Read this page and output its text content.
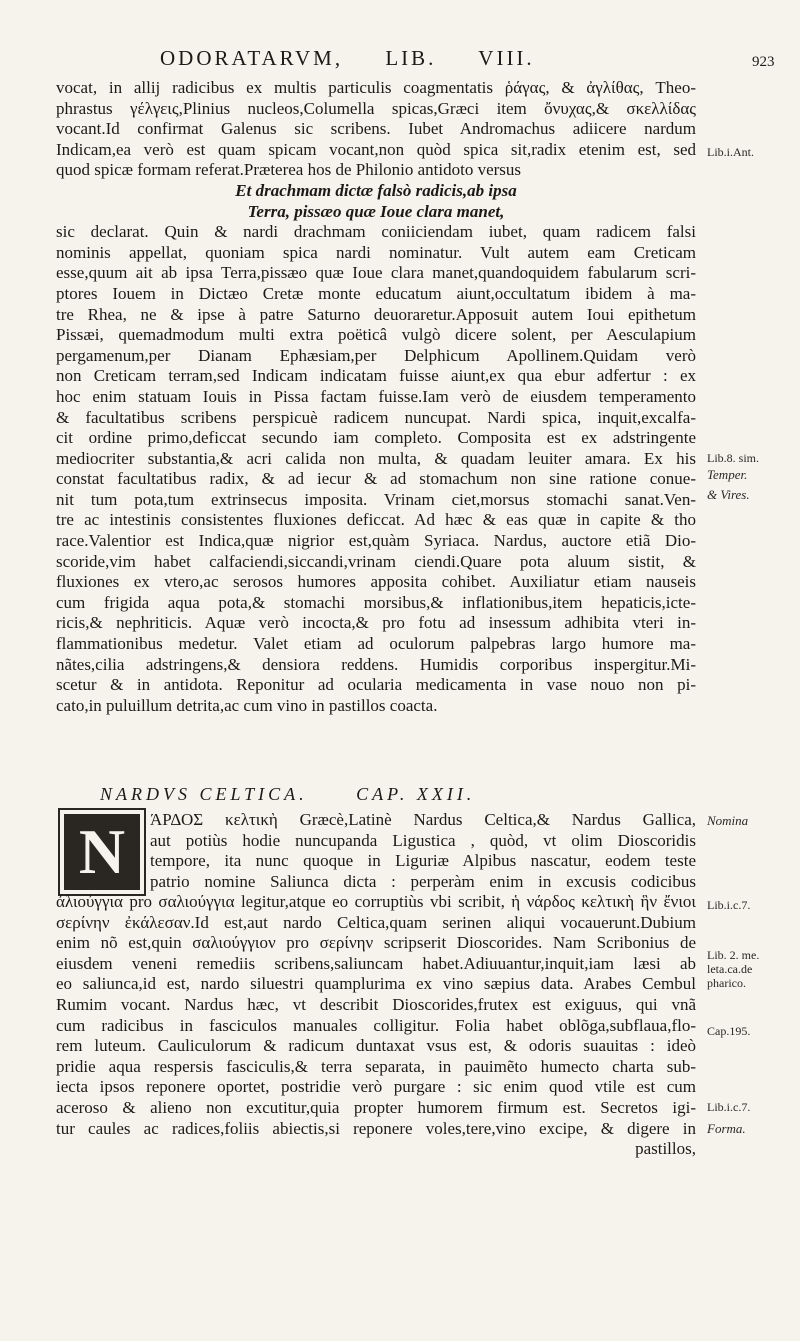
ODORATARVM, LIB. VIII.	923
vocat, in allij radicibus ex multis particulis coagmentatis ῥάγας, & ἀγλίθας, Theo-
phrastus γέλγεις,Plinius nucleos,Columella spicas,Græci item ὄνυχας,& σκελλίδας
vocant.Id confirmat Galenus sic scribens. Iubet Andromachus adiicere nardum
Indicam,ea verò est quam spicam vocant,non quòd spica sit,radix etenim est, sed
quod spicæ formam referat.Præterea hos de Philonio antidoto versus
Et drachmam dictæ falsò radicis,ab ipsa
Terra, pissæo quæ Ioue clara manet,
sic declarat. Quin & nardi drachmam coniiciendam iubet, quam radicem falsi
nominis appellat, quoniam spica nardi nominatur. Vult autem eam Creticam
esse,quum ait ab ipsa Terra,pissæo quæ Ioue clara manet,quandoquidem fabularum scri-
ptores Iouem in Dictæo Cretæ monte educatum aiunt,occultatum ibidem à ma-
tre Rhea, ne & ipse à patre Saturno deuoraretur.Apposuit autem Ioui epithetum
Pissæi, quemadmodum multi extra poëticâ vulgò dicere solent, per Aesculapium
pergamenum,per Dianam Ephæsiam,per Delphicum Apollinem.Quidam verò
non Creticam terram,sed Indicam indicatam fuisse aiunt,ex qua ebur adfertur : ex
hoc enim statuam Iouis in Pissa factam fuisse.Iam verò de eiusdem temperamento
& facultatibus scribens perspicuè radicem nuncupat. Nardi spica, inquit,excalfa-
cit ordine primo,deficcat secundo iam completo. Composita est ex adstringente
mediocriter substantia,& acri calida non multa, & quadam leuiter amara. Ex his
constat facultatibus radix, & ad iecur & ad stomachum non sine ratione conue-
nit tum pota,tum extrinsecus imposita. Vrinam ciet,morsus stomachi sanat.Ven-
tre ac intestinis consistentes fluxiones deficcat. Ad hæc & eas quæ in capite & tho
race.Valentior est Indica,quæ nigrior est,quàm Syriaca. Nardus, auctore etiã Dio-
scoride,vim habet calfaciendi,siccandi,vrinam ciendi.Quare pota aluum sistit, &
fluxiones ex vtero,ac serosos humores apposita cohibet. Auxiliatur etiam nauseis
cum frigida aqua pota,& stomachi morsibus,& inflationibus,item hepaticis,icte-
ricis,& nephriticis. Aquæ verò incocta,& pro fotu ad insessum adhibita vteri in-
flammationibus medetur. Valet etiam ad oculorum palpebras largo humore ma-
nãtes,cilia adstringens,& densiora reddens. Humidis corporibus inspergitur.Mi-
scetur & in antidota. Reponitur ad ocularia medicamenta in vase nouo non pi-
cato,in puluillum detrita,ac cum vino in pastillos coacta.
NARDVS CELTICA.	CAP. XXII.
N	ΆΡΔΟΣ κελτικὴ Græcè,Latinè Nardus Celtica,& Nardus Gallica,
aut potiùs hodie nuncupanda Ligustica , quòd, vt olim Dioscoridis
tempore, ita nunc quoque in Liguriæ Alpibus nascatur, eodem teste
patrio nomine Saliunca dicta : perperàm enim in excusis codicibus
ἀλιούγγια pro σαλιούγγια legitur,atque eo corruptiùs vbi scribit, ἡ νάρδος κελτικὴ ἣν ἔνιοι
σερίνην ἐκάλεσαν.Id est,aut nardo Celtica,quam serinen aliqui vocauerunt.Dubium
enim nõ est,quin σαλιούγγιον pro σερίνην scripserit Dioscorides. Nam Scribonius de
eiusdem veneni remediis scribens,saliuncam habet.Adiuuantur,inquit,iam læsi ab
eo saliunca,id est, nardo siluestri quamplurima ex vino sæpius data. Arabes Cembul
Rumim vocant. Nardus hæc, vt describit Dioscorides,frutex est exiguus, qui vnã
cum radicibus in fasciculos manuales colligitur. Folia habet oblõga,subflaua,flo-
rem luteum. Cauliculorum & radicum duntaxat vsus est, & odoris suauitas : ideò
pridie aqua respersis fasciculis,& terra separata, in pauimẽto humecto charta sub-
iecta ipsos reponere oportet, postridie verò purgare : sic enim quod vtile est cum
aceroso & alieno non excutitur,quia propter humorem firmum est. Secretos igi-
tur caules ac radices,foliis abiectis,si reponere voles,tere,vino excipe, & digere in
pastillos,
Lib.i.Ant.
Lib.8. sim.
Temper.
& Vires.
Nomina
Lib.i.c.7.
Lib. 2. me.
leta.ca.de
pharico.
Cap.195.
Lib.i.c.7.
Forma.
